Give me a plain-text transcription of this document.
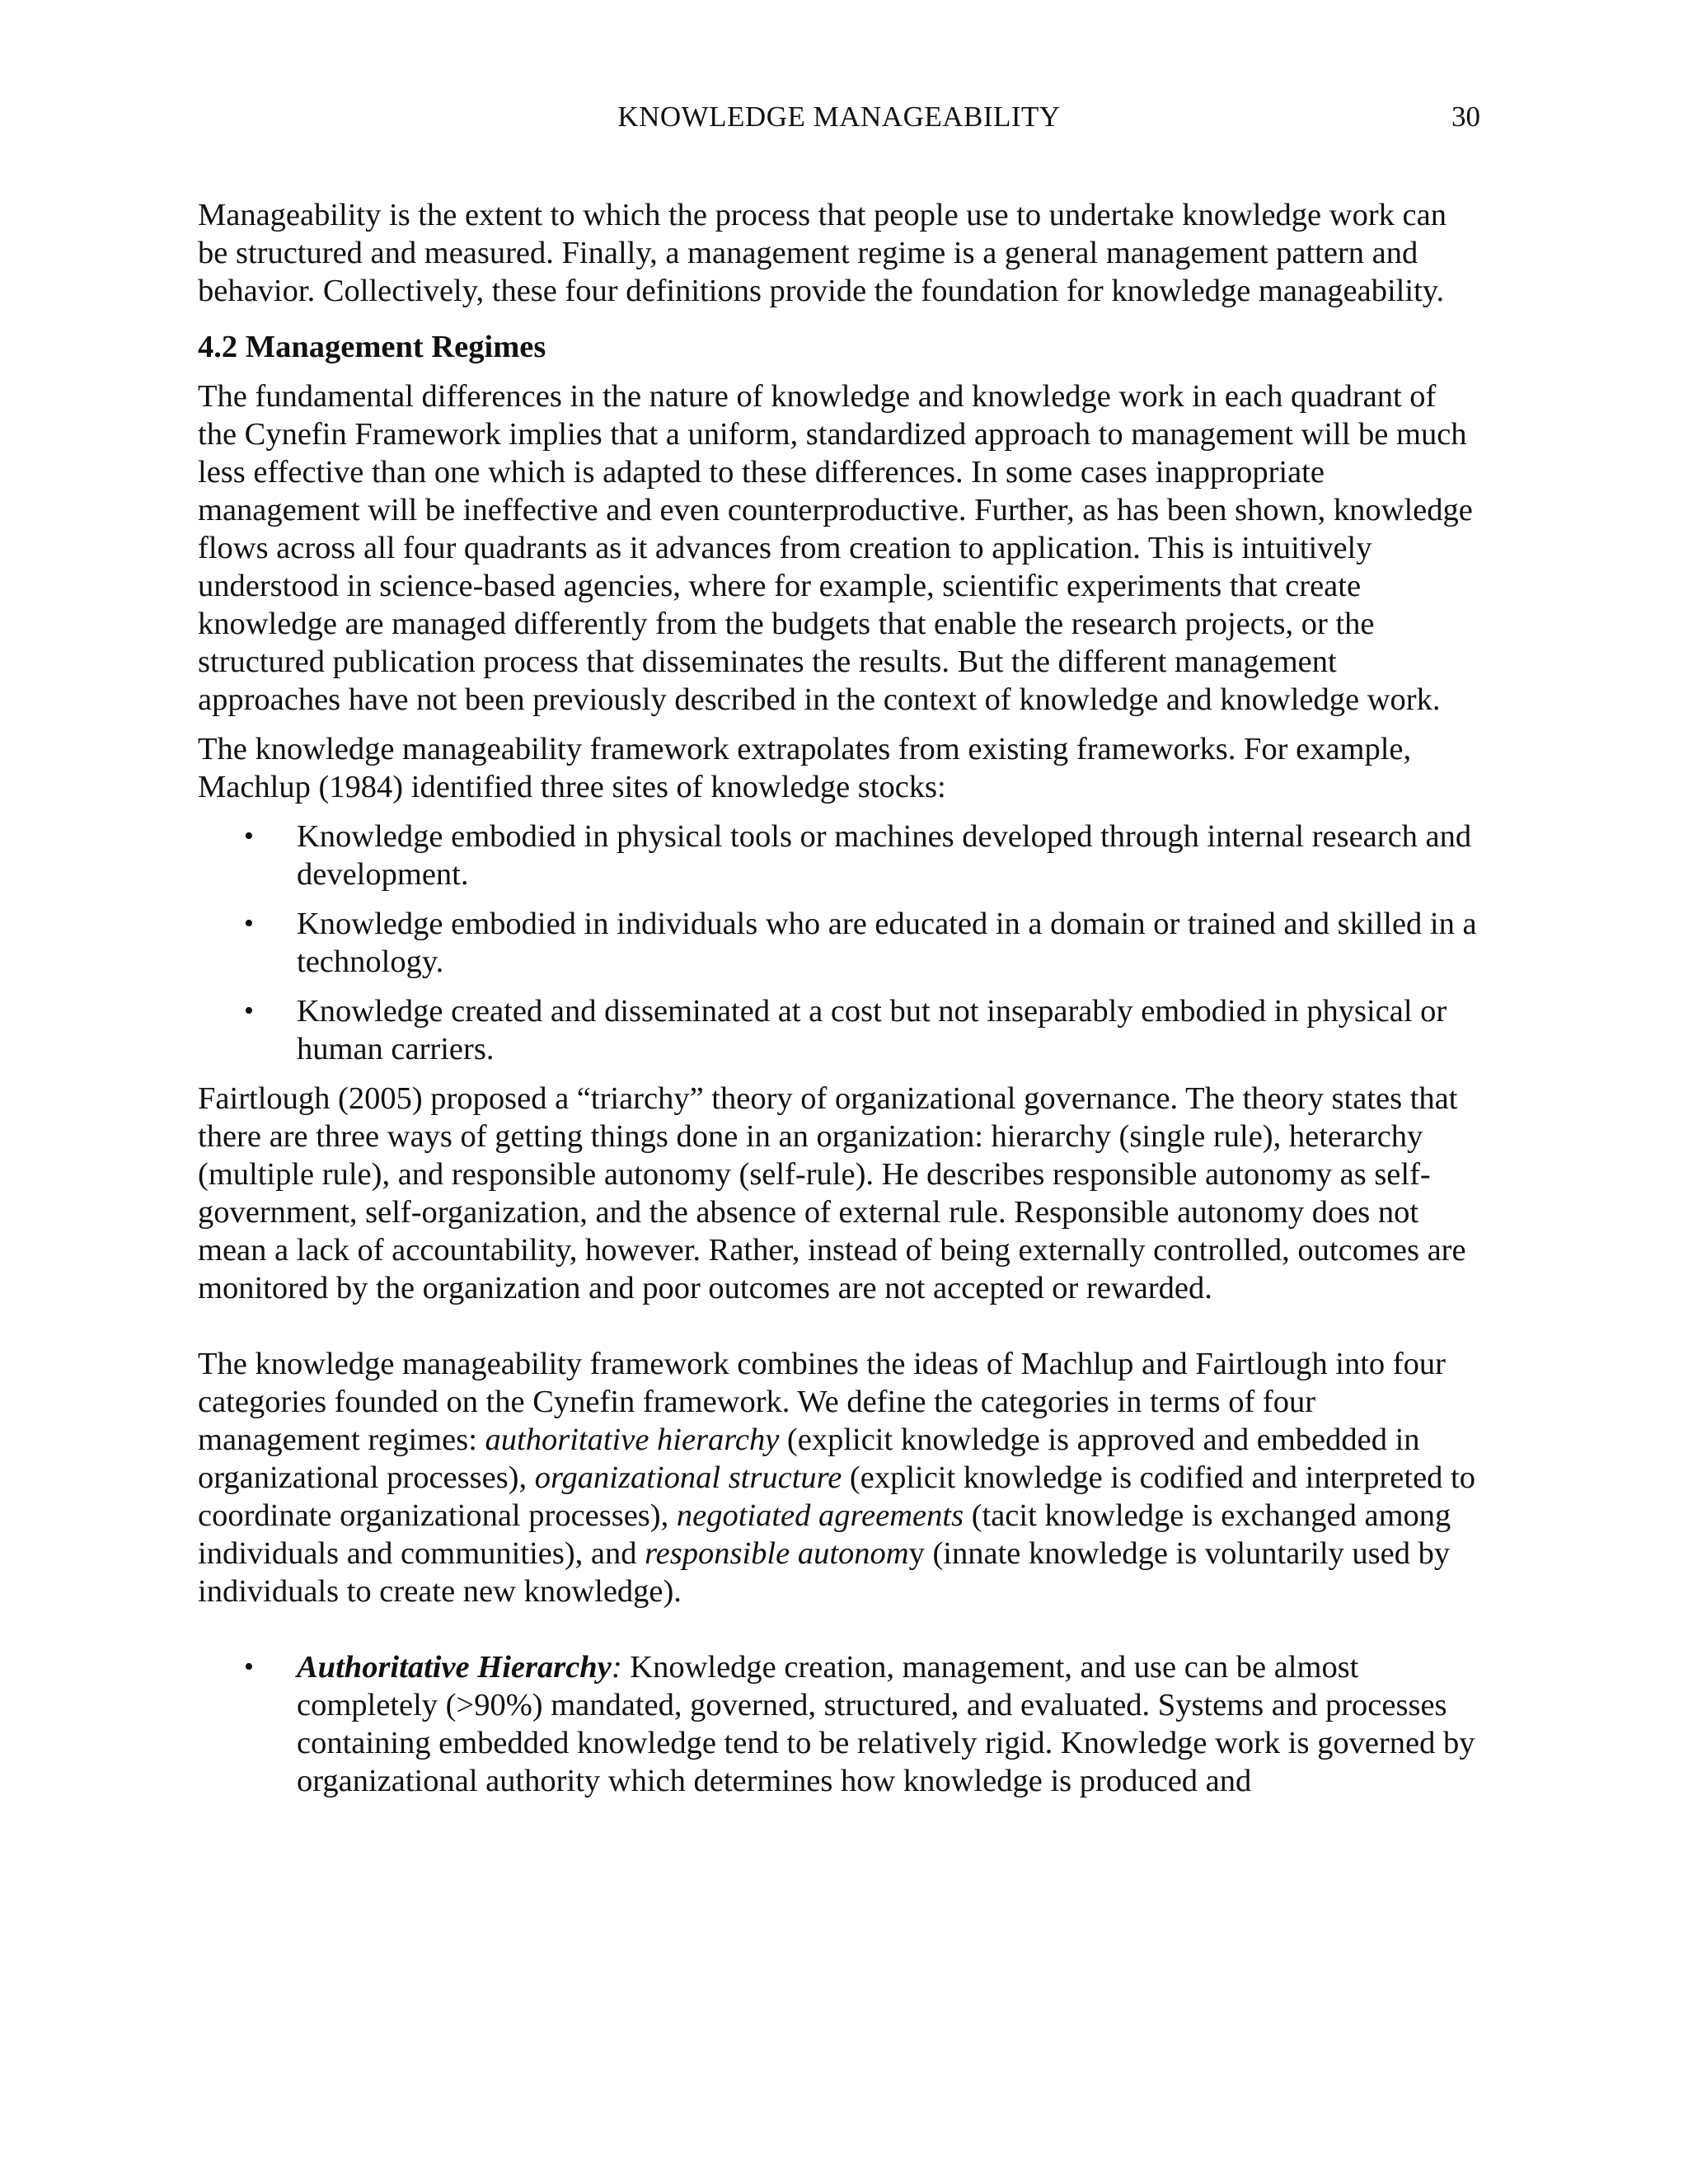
KNOWLEDGE MANAGEABILITY	30

Manageability is the extent to which the process that people use to undertake knowledge work can be structured and measured. Finally, a management regime is a general management pattern and behavior. Collectively, these four definitions provide the foundation for knowledge manageability.

4.2 Management Regimes

The fundamental differences in the nature of knowledge and knowledge work in each quadrant of the Cynefin Framework implies that a uniform, standardized approach to management will be much less effective than one which is adapted to these differences. In some cases inappropriate management will be ineffective and even counterproductive. Further, as has been shown, knowledge flows across all four quadrants as it advances from creation to application. This is intuitively understood in science-based agencies, where for example, scientific experiments that create knowledge are managed differently from the budgets that enable the research projects, or the structured publication process that disseminates the results. But the different management approaches have not been previously described in the context of knowledge and knowledge work.

The knowledge manageability framework extrapolates from existing frameworks. For example, Machlup (1984) identified three sites of knowledge stocks:

• Knowledge embodied in physical tools or machines developed through internal research and development.
• Knowledge embodied in individuals who are educated in a domain or trained and skilled in a technology.
• Knowledge created and disseminated at a cost but not inseparably embodied in physical or human carriers.

Fairtlough (2005) proposed a “triarchy” theory of organizational governance. The theory states that there are three ways of getting things done in an organization: hierarchy (single rule), heterarchy (multiple rule), and responsible autonomy (self-rule). He describes responsible autonomy as self-government, self-organization, and the absence of external rule. Responsible autonomy does not mean a lack of accountability, however. Rather, instead of being externally controlled, outcomes are monitored by the organization and poor outcomes are not accepted or rewarded.

The knowledge manageability framework combines the ideas of Machlup and Fairtlough into four categories founded on the Cynefin framework. We define the categories in terms of four management regimes: authoritative hierarchy (explicit knowledge is approved and embedded in organizational processes), organizational structure (explicit knowledge is codified and interpreted to coordinate organizational processes), negotiated agreements (tacit knowledge is exchanged among individuals and communities), and responsible autonomy (innate knowledge is voluntarily used by individuals to create new knowledge).

• Authoritative Hierarchy: Knowledge creation, management, and use can be almost completely (>90%) mandated, governed, structured, and evaluated. Systems and processes containing embedded knowledge tend to be relatively rigid. Knowledge work is governed by organizational authority which determines how knowledge is produced and
